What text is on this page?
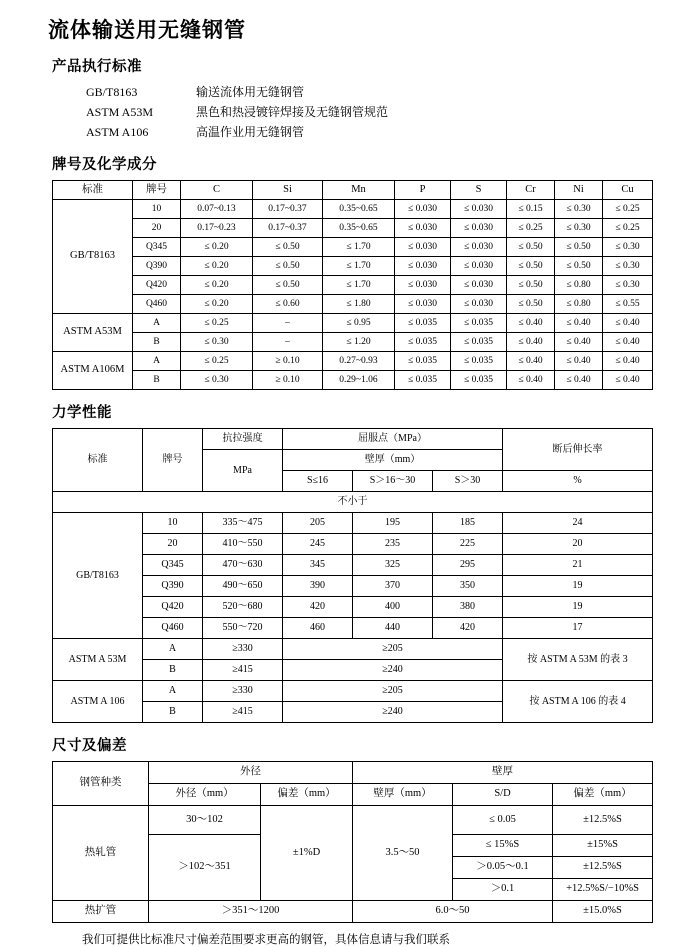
流体输送用无缝钢管
产品执行标准
GB/T8163	输送流体用无缝钢管
ASTM A53M	黑色和热浸镀锌焊接及无缝钢管规范
ASTM A106	高温作业用无缝钢管
牌号及化学成分
标准	牌号	C	Si	Mn	P	S	Cr	Ni	Cu
GB/T8163	10	0.07~0.13	0.17~0.37	0.35~0.65	≤ 0.030	≤ 0.030	≤ 0.15	≤ 0.30	≤ 0.25
	20	0.17~0.23	0.17~0.37	0.35~0.65	≤ 0.030	≤ 0.030	≤ 0.25	≤ 0.30	≤ 0.25
	Q345	≤ 0.20	≤ 0.50	≤ 1.70	≤ 0.030	≤ 0.030	≤ 0.50	≤ 0.50	≤ 0.30
	Q390	≤ 0.20	≤ 0.50	≤ 1.70	≤ 0.030	≤ 0.030	≤ 0.50	≤ 0.50	≤ 0.30
	Q420	≤ 0.20	≤ 0.50	≤ 1.70	≤ 0.030	≤ 0.030	≤ 0.50	≤ 0.80	≤ 0.30
	Q460	≤ 0.20	≤ 0.60	≤ 1.80	≤ 0.030	≤ 0.030	≤ 0.50	≤ 0.80	≤ 0.55
ASTM A53M	A	≤ 0.25	–	≤ 0.95	≤ 0.035	≤ 0.035	≤ 0.40	≤ 0.40	≤ 0.40
	B	≤ 0.30	–	≤ 1.20	≤ 0.035	≤ 0.035	≤ 0.40	≤ 0.40	≤ 0.40
ASTM A106M	A	≤ 0.25	≥ 0.10	0.27~0.93	≤ 0.035	≤ 0.035	≤ 0.40	≤ 0.40	≤ 0.40
	B	≤ 0.30	≥ 0.10	0.29~1.06	≤ 0.035	≤ 0.035	≤ 0.40	≤ 0.40	≤ 0.40
力学性能
标准	牌号	抗拉强度	屈服点（MPa）			断后伸长率
		MPa	壁厚（mm）			
			S≤16	S＞16～30	S＞30	%
不小于						
GB/T8163	10	335～475	205	195	185	24
	20	410～550	245	235	225	20
	Q345	470～630	345	325	295	21
	Q390	490～650	390	370	350	19
	Q420	520～680	420	400	380	19
	Q460	550～720	460	440	420	17
ASTM A 53M	A	≥330	≥205			按 ASTM A 53M 的表 3
	B	≥415	≥240			
ASTM A 106	A	≥330	≥205			按 ASTM A 106 的表 4
	B	≥415	≥240			
尺寸及偏差
钢管种类	外径		壁厚		
	外径（mm）	偏差（mm）	壁厚（mm）	S/D	偏差（mm）
热轧管	30～102	±1%D	3.5～50	≤ 0.05	±12.5%S
	＞102～351			≤ 15%S	±15%S
				＞0.05～0.1	±12.5%S
				＞0.1	+12.5%S/−10%S
热扩管	＞351～1200		6.0～50		±15.0%S
我们可提供比标准尺寸偏差范围要求更高的钢管，具体信息请与我们联系
